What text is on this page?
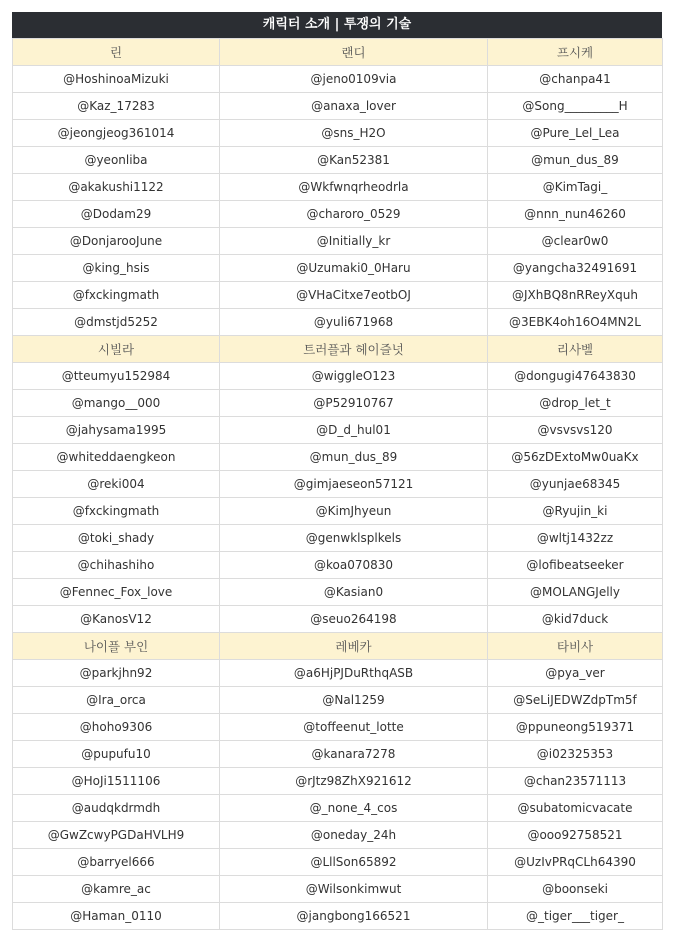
캐릭터 소개 | 투쟁의 기술
린	랜디	프시케
@HoshinoaMizuki	@jeno0109via	@chanpa41
@Kaz_17283	@anaxa_lover	@Song_________H
@jeongjeog361014	@sns_H2O	@Pure_Lel_Lea
@yeonliba	@Kan52381	@mun_dus_89
@akakushi1122	@Wkfwnqrheodrla	@KimTagi_
@Dodam29	@charoro_0529	@nnn_nun46260
@DonjarooJune	@Initially_kr	@clear0w0
@king_hsis	@Uzumaki0_0Haru	@yangcha32491691
@fxckingmath	@VHaCitxe7eotbOJ	@JXhBQ8nRReyXquh
@dmstjd5252	@yuli671968	@3EBK4oh16O4MN2L
시빌라	트러플과 헤이즐넛	리사벨
@tteumyu152984	@wiggleO123	@dongugi47643830
@mango__000	@P52910767	@drop_let_t
@jahysama1995	@D_d_hul01	@vsvsvs120
@whiteddaengkeon	@mun_dus_89	@56zDExtoMw0uaKx
@reki004	@gimjaeseon57121	@yunjae68345
@fxckingmath	@KimJhyeun	@Ryujin_ki
@toki_shady	@genwklsplkels	@wltj1432zz
@chihashiho	@koa070830	@lofibeatseeker
@Fennec_Fox_love	@Kasian0	@MOLANGJelly
@KanosV12	@seuo264198	@kid7duck
나이플 부인	레베카	타비사
@parkjhn92	@a6HjPJDuRthqASB	@pya_ver
@Ira_orca	@Nal1259	@SeLiJEDWZdpTm5f
@hoho9306	@toffeenut_lotte	@ppuneong519371
@pupufu10	@kanara7278	@i02325353
@HoJi1511106	@rJtz98ZhX921612	@chan23571113
@audqkdrmdh	@_none_4_cos	@subatomicvacate
@GwZcwyPGDaHVLH9	@oneday_24h	@ooo92758521
@barryel666	@LllSon65892	@UzIvPRqCLh64390
@kamre_ac	@Wilsonkimwut	@boonseki
@Haman_0110	@jangbong166521	@_tiger___tiger_
